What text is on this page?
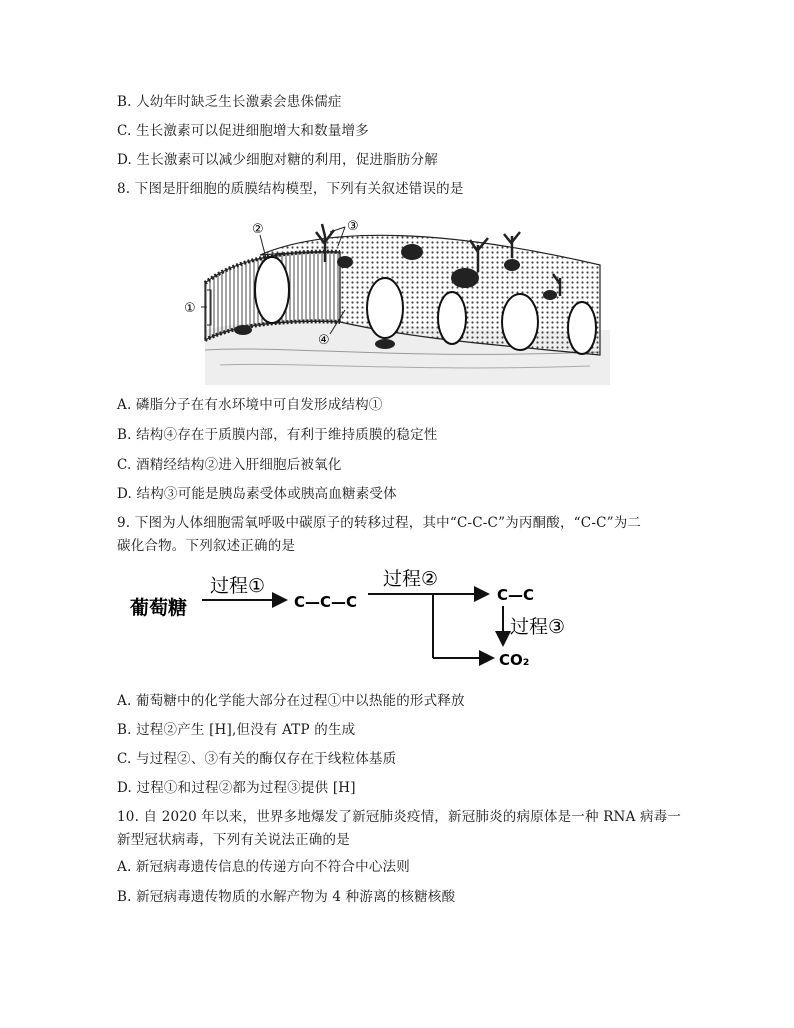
B. 人幼年时缺乏生长激素会患侏儒症
C. 生长激素可以促进细胞增大和数量增多
D. 生长激素可以减少细胞对糖的利用，促进脂肪分解
8. 下图是肝细胞的质膜结构模型，下列有关叙述错误的是
①
②	③
④
A. 磷脂分子在有水环境中可自发形成结构①
B. 结构④存在于质膜内部，有利于维持质膜的稳定性
C. 酒精经结构②进入肝细胞后被氧化
D. 结构③可能是胰岛素受体或胰高血糖素受体
9. 下图为人体细胞需氧呼吸中碳原子的转移过程，其中“C-C-C”为丙酮酸，“C-C”为二
碳化合物。下列叙述正确的是
葡萄糖
过程①
C—C—C
过程②
C—C
过程③
CO₂
A. 葡萄糖中的化学能大部分在过程①中以热能的形式释放
B. 过程②产生 [H],但没有 ATP 的生成
C. 与过程②、③有关的酶仅存在于线粒体基质
D. 过程①和过程②都为过程③提供 [H]
10. 自 2020 年以来，世界多地爆发了新冠肺炎疫情，新冠肺炎的病原体是一种 RNA 病毒一
新型冠状病毒，下列有关说法正确的是
A. 新冠病毒遗传信息的传递方向不符合中心法则
B. 新冠病毒遗传物质的水解产物为 4 种游离的核糖核酸
